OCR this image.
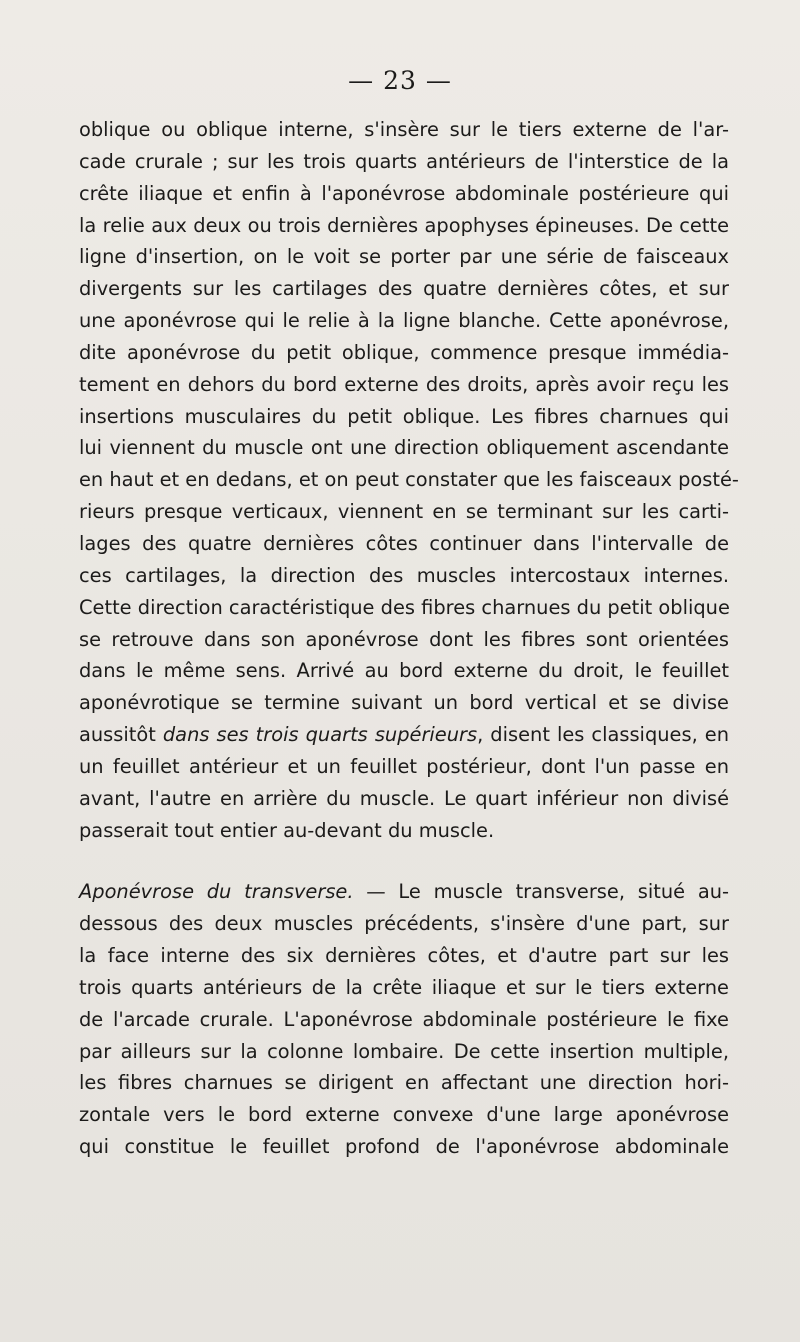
— 23 —

oblique ou oblique interne, s'insère sur le tiers externe de l'ar-
cade crurale ; sur les trois quarts antérieurs de l'interstice de la
crête iliaque et enfin à l'aponévrose abdominale postérieure qui
la relie aux deux ou trois dernières apophyses épineuses. De cette
ligne d'insertion, on le voit se porter par une série de faisceaux
divergents sur les cartilages des quatre dernières côtes, et sur
une aponévrose qui le relie à la ligne blanche. Cette aponévrose,
dite aponévrose du petit oblique, commence presque immédia-
tement en dehors du bord externe des droits, après avoir reçu les
insertions musculaires du petit oblique. Les fibres charnues qui
lui viennent du muscle ont une direction obliquement ascendante
en haut et en dedans, et on peut constater que les faisceaux posté-
rieurs presque verticaux, viennent en se terminant sur les carti-
lages des quatre dernières côtes continuer dans l'intervalle de
ces cartilages, la direction des muscles intercostaux internes.
Cette direction caractéristique des fibres charnues du petit oblique
se retrouve dans son aponévrose dont les fibres sont orientées
dans le même sens. Arrivé au bord externe du droit, le feuillet
aponévrotique se termine suivant un bord vertical et se divise
aussitôt dans ses trois quarts supérieurs, disent les classiques, en
un feuillet antérieur et un feuillet postérieur, dont l'un passe en
avant, l'autre en arrière du muscle. Le quart inférieur non divisé
passerait tout entier au-devant du muscle.

Aponévrose du transverse. — Le muscle transverse, situé au-
dessous des deux muscles précédents, s'insère d'une part, sur
la face interne des six dernières côtes, et d'autre part sur les
trois quarts antérieurs de la crête iliaque et sur le tiers externe
de l'arcade crurale. L'aponévrose abdominale postérieure le fixe
par ailleurs sur la colonne lombaire. De cette insertion multiple,
les fibres charnues se dirigent en affectant une direction hori-
zontale vers le bord externe convexe d'une large aponévrose
qui constitue le feuillet profond de l'aponévrose abdominale
